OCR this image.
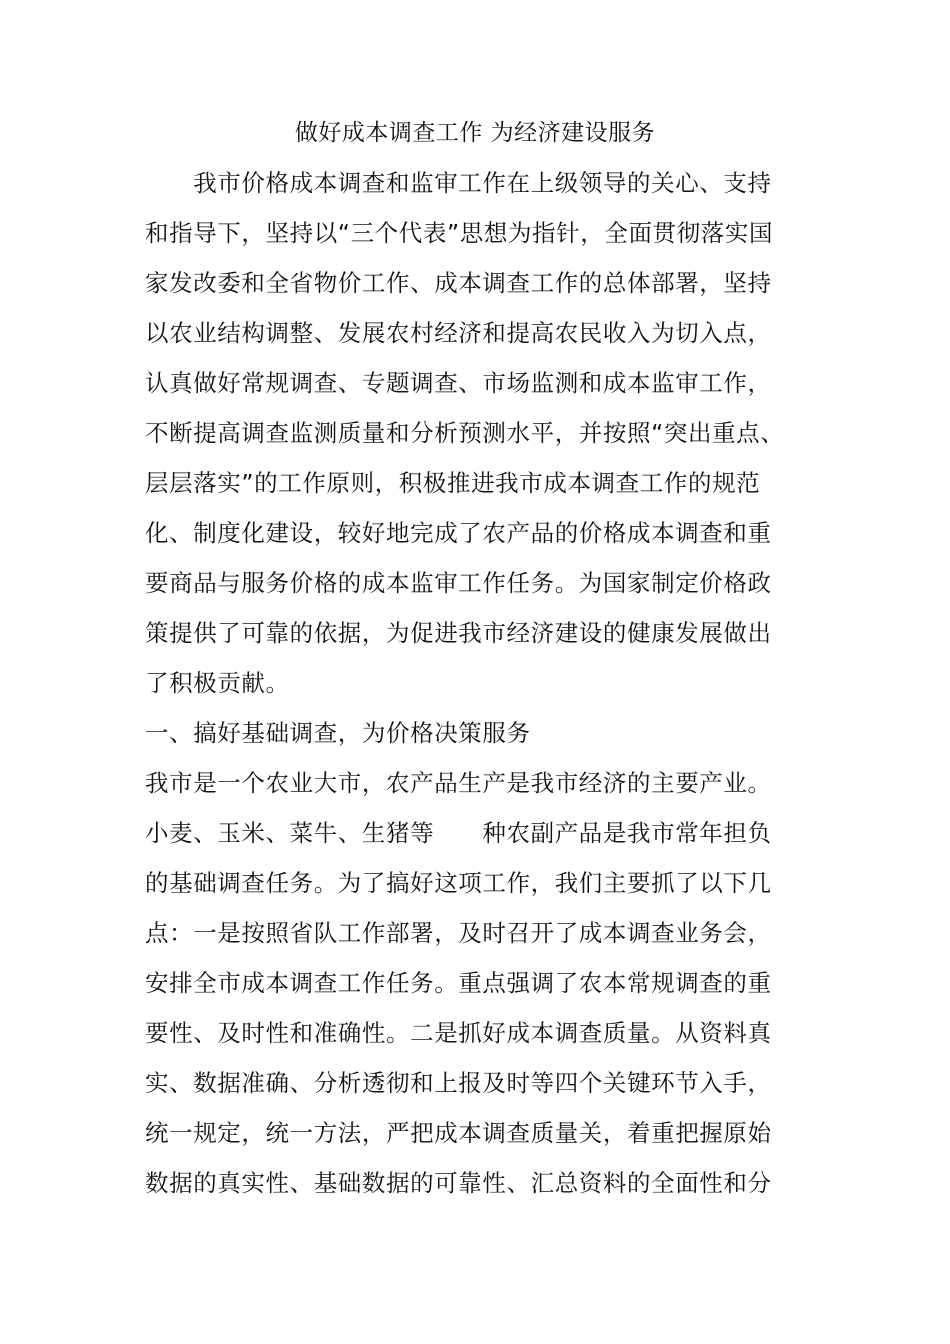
做好成本调查工作 为经济建设服务
　　我市价格成本调查和监审工作在上级领导的关心、支持
和指导下，坚持以“三个代表”思想为指针，全面贯彻落实国
家发改委和全省物价工作、成本调查工作的总体部署，坚持
以农业结构调整、发展农村经济和提高农民收入为切入点，
认真做好常规调查、专题调查、市场监测和成本监审工作，
不断提高调查监测质量和分析预测水平，并按照“突出重点、
层层落实”的工作原则，积极推进我市成本调查工作的规范
化、制度化建设，较好地完成了农产品的价格成本调查和重
要商品与服务价格的成本监审工作任务。为国家制定价格政
策提供了可靠的依据，为促进我市经济建设的健康发展做出
了积极贡献。
一、搞好基础调查，为价格决策服务
我市是一个农业大市，农产品生产是我市经济的主要产业。
小麦、玉米、菜牛、生猪等　　种农副产品是我市常年担负
的基础调查任务。为了搞好这项工作，我们主要抓了以下几
点：一是按照省队工作部署，及时召开了成本调查业务会，
安排全市成本调查工作任务。重点强调了农本常规调查的重
要性、及时性和准确性。二是抓好成本调查质量。从资料真
实、数据准确、分析透彻和上报及时等四个关键环节入手，
统一规定，统一方法，严把成本调查质量关，着重把握原始
数据的真实性、基础数据的可靠性、汇总资料的全面性和分
